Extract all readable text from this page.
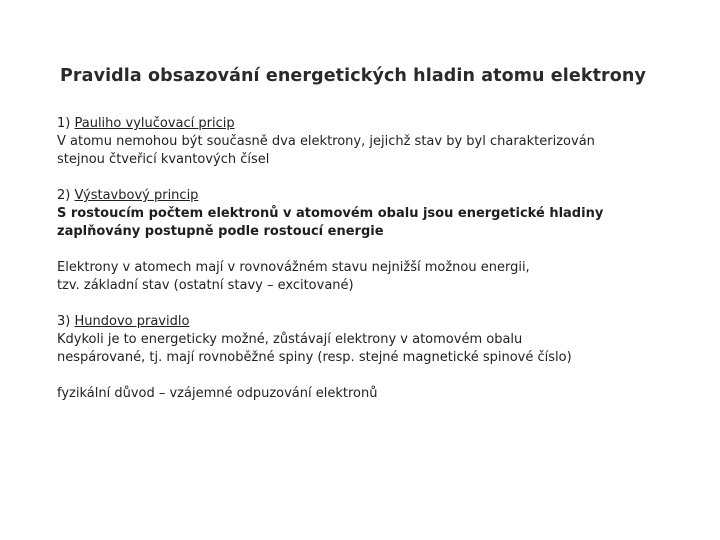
Pravidla obsazování energetických hladin atomu elektrony
1) Pauliho vylučovací pricip
V atomu nemohou být současně dva elektrony, jejichž stav by byl charakterizován
stejnou čtveřicí kvantových čísel
2) Výstavbový princip
S rostoucím počtem elektronů v atomovém obalu jsou energetické hladiny
zaplňovány postupně podle rostoucí energie
Elektrony v atomech mají v rovnovážném stavu nejnižší možnou energii,
tzv. základní stav (ostatní stavy – excitované)
3) Hundovo pravidlo
Kdykoli je to energeticky možné, zůstávají elektrony v atomovém obalu
nespárované, tj. mají rovnoběžné spiny (resp. stejné magnetické spinové číslo)
fyzikální důvod – vzájemné odpuzování elektronů
